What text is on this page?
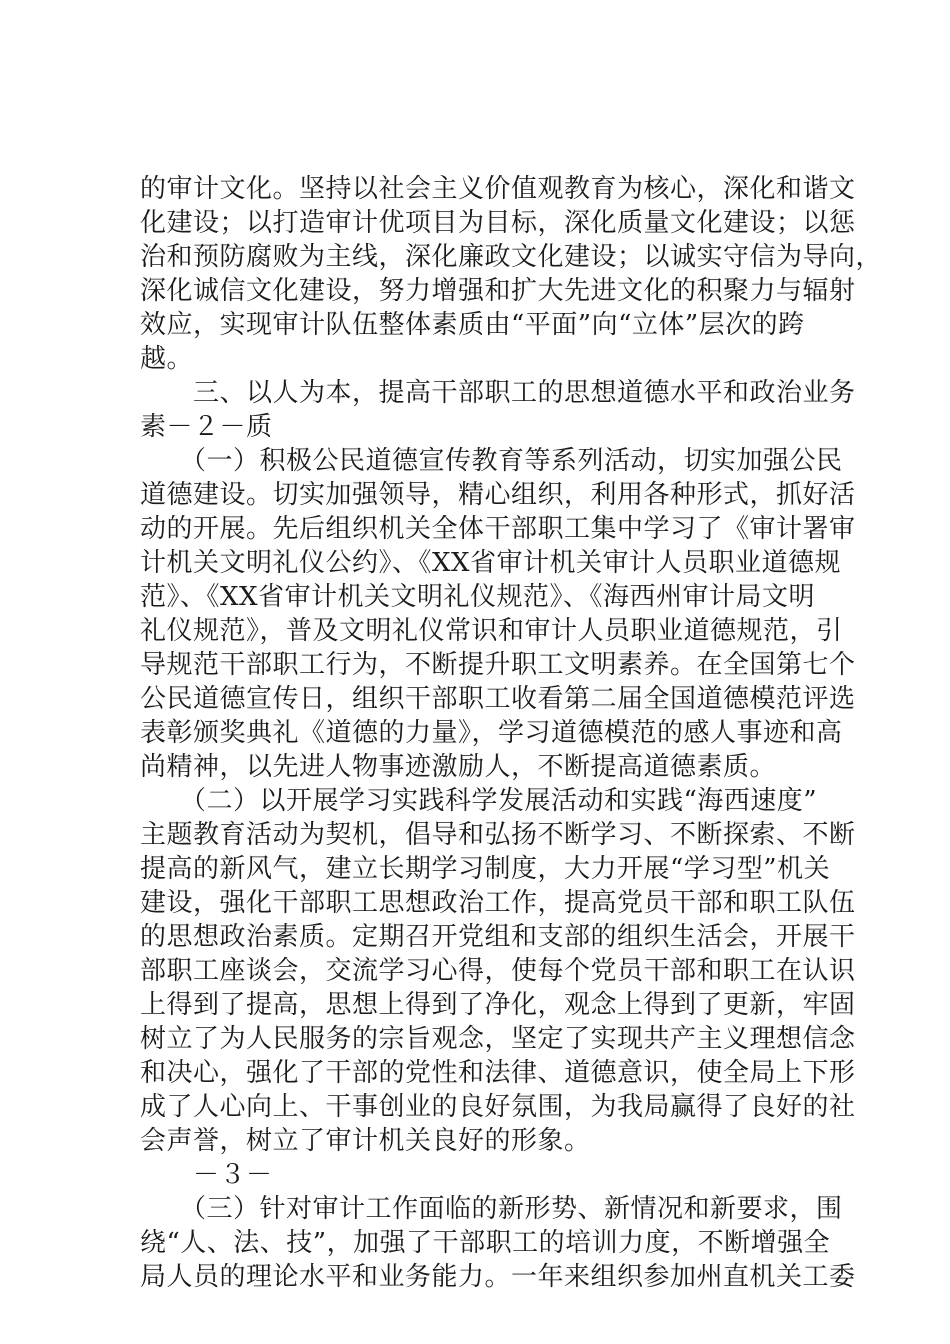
的审计文化。坚持以社会主义价值观教育为核心，深化和谐文
化建设；以打造审计优项目为目标，深化质量文化建设；以惩
治和预防腐败为主线，深化廉政文化建设；以诚实守信为导向，
深化诚信文化建设，努力增强和扩大先进文化的积聚力与辐射
效应，实现审计队伍整体素质由“平面”向“立体”层次的跨
越。
　　三、以人为本，提高干部职工的思想道德水平和政治业务
素－２－质
　　（一）积极公民道德宣传教育等系列活动，切实加强公民
道德建设。切实加强领导，精心组织，利用各种形式，抓好活
动的开展。先后组织机关全体干部职工集中学习了《审计署审
计机关文明礼仪公约》、《XX省审计机关审计人员职业道德规
范》、《XX省审计机关文明礼仪规范》、《海西州审计局文明
礼仪规范》，普及文明礼仪常识和审计人员职业道德规范，引
导规范干部职工行为，不断提升职工文明素养。在全国第七个
公民道德宣传日，组织干部职工收看第二届全国道德模范评选
表彰颁奖典礼《道德的力量》，学习道德模范的感人事迹和高
尚精神，以先进人物事迹激励人，不断提高道德素质。
　　（二）以开展学习实践科学发展活动和实践“海西速度”
主题教育活动为契机，倡导和弘扬不断学习、不断探索、不断
提高的新风气，建立长期学习制度，大力开展“学习型”机关
建设，强化干部职工思想政治工作，提高党员干部和职工队伍
的思想政治素质。定期召开党组和支部的组织生活会，开展干
部职工座谈会，交流学习心得，使每个党员干部和职工在认识
上得到了提高，思想上得到了净化，观念上得到了更新，牢固
树立了为人民服务的宗旨观念，坚定了实现共产主义理想信念
和决心，强化了干部的党性和法律、道德意识，使全局上下形
成了人心向上、干事创业的良好氛围，为我局赢得了良好的社
会声誉，树立了审计机关良好的形象。
　　－３－
　　（三）针对审计工作面临的新形势、新情况和新要求，围
绕“人、法、技”，加强了干部职工的培训力度，不断增强全
局人员的理论水平和业务能力。一年来组织参加州直机关工委
